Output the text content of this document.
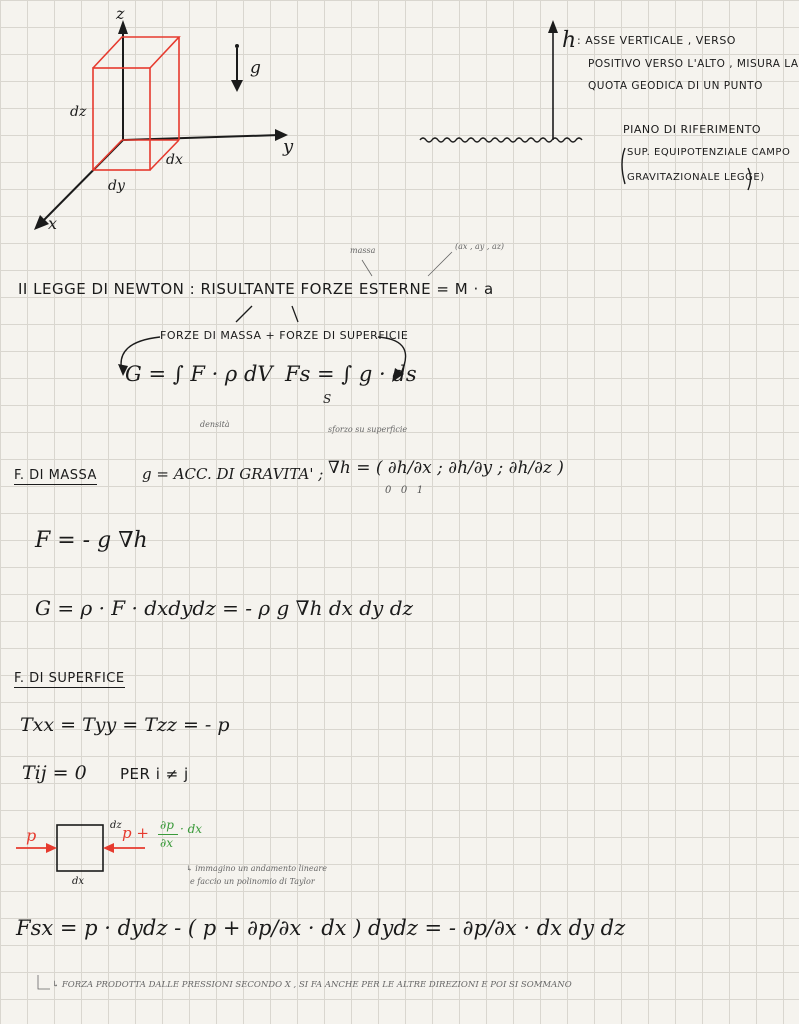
z
y
x
g
dz
dx
dy
h : ASSE VERTICALE , VERSO
POSITIVO VERSO L'ALTO , MISURA LA
QUOTA GEODICA DI UN PUNTO
PIANO DI RIFERIMENTO
SUP. EQUIPOTENZIALE CAMPO
GRAVITAZIONALE LEGGE)
massa	(ax , ay , az)
II LEGGE DI NEWTON : RISULTANTE FORZE ESTERNE = M · a
FORZE DI MASSA + FORZE DI SUPERFICIE
G = ∫ F · ρ dV Fs = ∫ g · ds
S
densità
sforzo su superficie
F. DI MASSA	g = ACC. DI GRAVITA' ; ∇h = ( ∂h/∂x ; ∂h/∂y ; ∂h/∂z )
0   0   1
F = - g ∇h
G = ρ · F · dxdydz = - ρ g ∇h dx dy dz
F. DI SUPERFICE
Txx = Tyy = Tzz = - p
Tij = 0 PER i ≠ j
p
dz p + ∂p
∂x
· dx
dx
↳ immagino un andamento lineare
e faccio un polinomio di Taylor
Fsx = p · dydz - ( p + ∂p/∂x · dx ) dydz = - ∂p/∂x · dx dy dz
↳ FORZA PRODOTTA DALLE PRESSIONI SECONDO X , SI FA ANCHE PER LE ALTRE DIREZIONI E POI SI SOMMANO
